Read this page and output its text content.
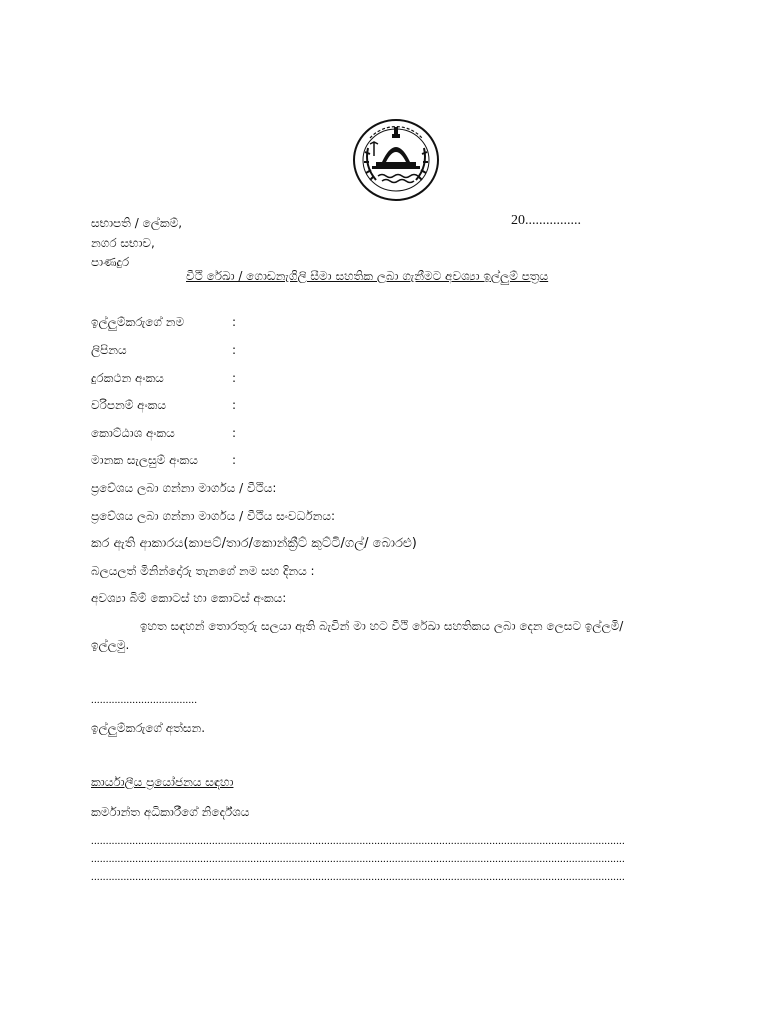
සභාපති / ලේකම්,
නගර සභාව,
පාණදුර
20................
වීථි රේඛා / ගොඩනැගිලි සීමා සහතික ලබා ගැනීමට අවශ්‍යා ඉල්ලුම් පත්‍රය
ඉල්ලුම්කරුගේ නම	:
ලිපිනය	:
දුරකථන අංකය	:
වරිපනම් අංකය	:
කොට්ඨාශ අංකය	:
මානක සැලසුම් අංකය	:
ප්‍රවේශය ලබා ගන්නා මාර්ගය / වීථිය:
ප්‍රවේශය ලබා ගන්නා මාර්ගය / වීථිය සංවර්ධනය:
කර ඇති ආකාරය(කාපට්/තාර/කොන්ක්‍රීට් කුට්ටි/ගල්/ බොරළු)
බලයලත් මිනින්දෝරු තැනගේ නම සහ දිනය :
අවශ්‍යා බිම් කොටස් හා කොටස් අංකය:
ඉහත සඳහන් තොරතුරු සලයා ඇති බැවින් මා හට වීථි රේඛා සහතිකය ලබා දෙන ලෙසට ඉල්ලමි/
ඉල්ලමු.
....................................
ඉල්ලුම්කරුගේ අත්සන.
කාර්යාලීය ප්‍රයෝජනය සඳහා
කර්මාන්ත අධිකාරීගේ නිර්දේශය
.....................................................................................................................................................................................
.....................................................................................................................................................................................
.....................................................................................................................................................................................
